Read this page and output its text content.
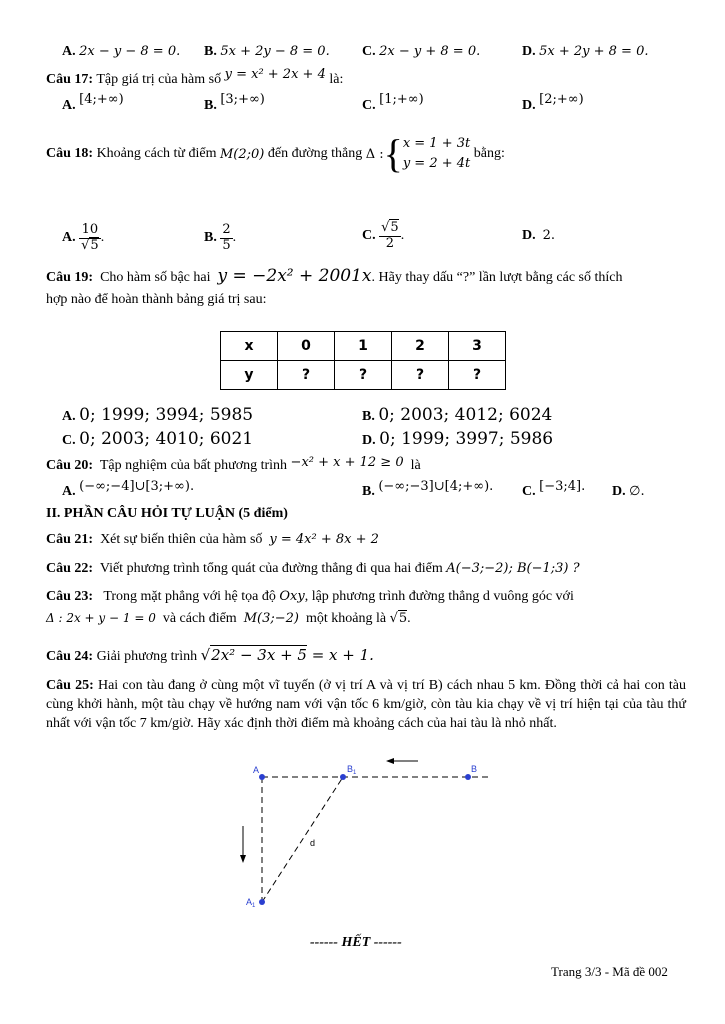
A. 2x − y − 8 = 0. B. 5x + 2y − 8 = 0. C. 2x − y + 8 = 0.	D. 5x + 2y + 8 = 0.
Câu 17: Tập giá trị của hàm số y = x² + 2x + 4 là:
A. [4;+∞)	B. [3;+∞)	C. [1;+∞)	D. [2;+∞)
Câu 18:
Khoảng cách từ điểm
M(2;0)
đến đường thẳng
Δ : { x = 1 + 3t
y = 2 + 4t

bằng:
A.
$\frac{10}{√5}$ .	B.
$\frac{2}{5}$ .	C.
$\frac{√5}{2}$ .	D. 2.
Câu 19: Cho hàm số bậc hai y = −2x² + 2001x. Hãy thay dấu “?” lần lượt bằng các số thích
hợp nào để hoàn thành bảng giá trị sau:
x	0	1	2	3
y	?	?	?	?
A. 0; 1999; 3994; 5985	B. 0; 2003; 4012; 6024
C. 0; 2003; 4010; 6021	D. 0; 1999; 3997; 5986
Câu 20: Tập nghiệm của bất phương trình −x² + x + 12 ≥ 0 là
A. (−∞;−4]∪[3;+∞).	B. (−∞;−3]∪[4;+∞). C. [−3;4]. D. ∅.
II. PHẦN CÂU HỎI TỰ LUẬN (5 điểm)
Câu 21: Xét sự biến thiên của hàm số y = 4x² + 8x + 2
Câu 22: Viết phương trình tổng quát của đường thẳng đi qua hai điểm A(−3;−2); B(−1;3) ?
Câu 23: Trong mặt phẳng với hệ tọa độ Oxy, lập phương trình đường thẳng d vuông góc với
Δ : 2x + y − 1 = 0 và cách điểm M(3;−2) một khoảng là √5.
Câu 24: Giải phương trình √2x² − 3x + 5 = x + 1.
Câu 25: Hai con tàu đang ở cùng một vĩ tuyến (ở vị trí A và vị trí B) cách nhau 5 km. Đồng thời cả hai con tàu cùng khởi hành, một tàu chạy về hướng nam với vận tốc 6 km/giờ, còn tàu kia chạy về vị trí hiện tại của tàu thứ nhất với vận tốc 7 km/giờ. Hãy xác định thời điểm mà khoảng cách của hai tàu là nhỏ nhất.
A	$B_1$	B
$A_1$
d
------ HẾT ------
Trang 3/3 - Mã đề 002
